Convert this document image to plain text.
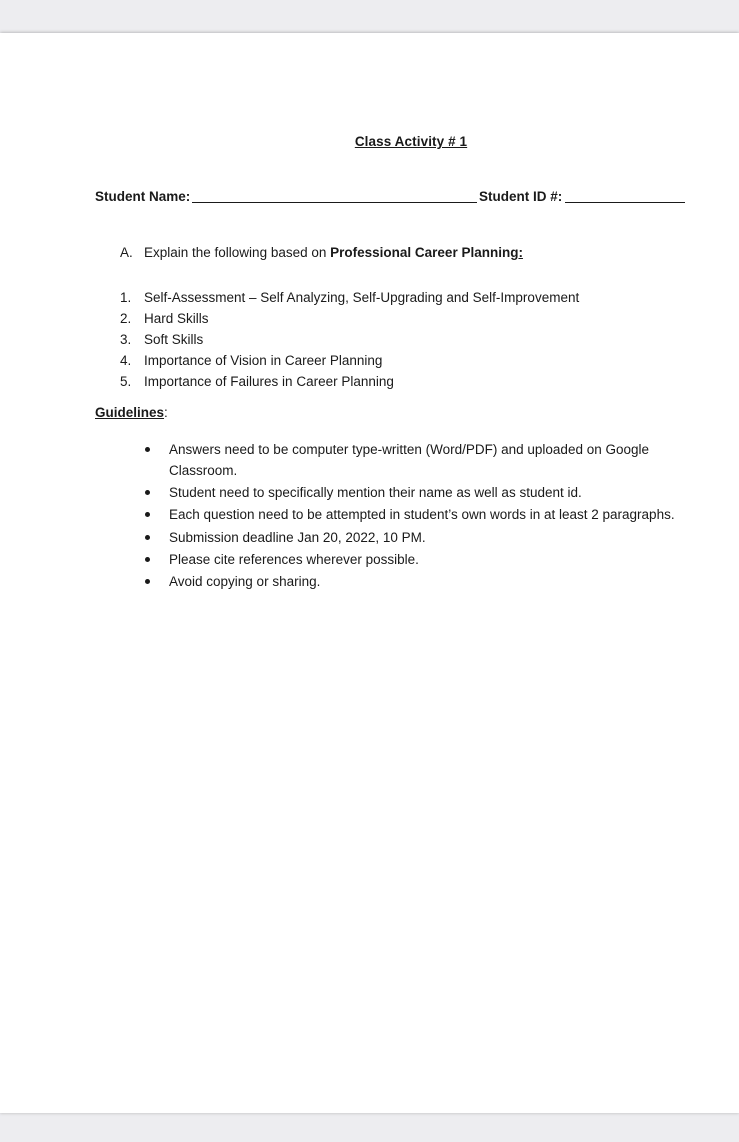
Class Activity # 1
Student Name:	Student ID #:
A. Explain the following based on Professional Career Planning:
1. Self-Assessment – Self Analyzing, Self-Upgrading and Self-Improvement
2. Hard Skills
3. Soft Skills
4. Importance of Vision in Career Planning
5. Importance of Failures in Career Planning
Guidelines:
Answers need to be computer type-written (Word/PDF) and uploaded on Google Classroom.
Student need to specifically mention their name as well as student id.
Each question need to be attempted in student’s own words in at least 2 paragraphs.
Submission deadline Jan 20, 2022, 10 PM.
Please cite references wherever possible.
Avoid copying or sharing.
